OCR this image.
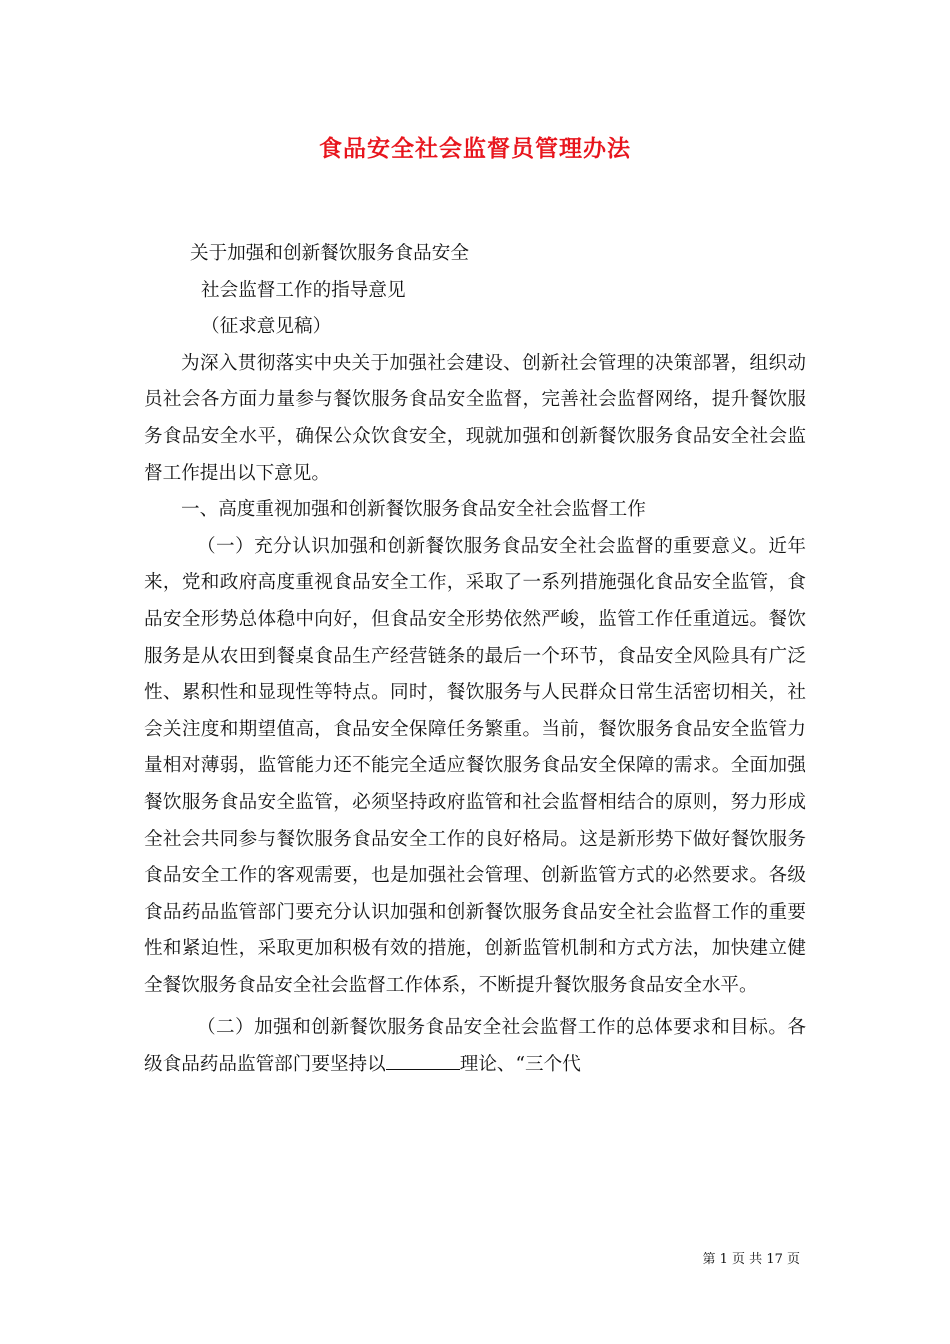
食品安全社会监督员管理办法
关于加强和创新餐饮服务食品安全
社会监督工作的指导意见
（征求意见稿）

为深入贯彻落实中央关于加强社会建设、创新社会管理的决策部署，组织动员社会各方面力量参与餐饮服务食品安全监督，完善社会监督网络，提升餐饮服务食品安全水平，确保公众饮食安全，现就加强和创新餐饮服务食品安全社会监督工作提出以下意见。

一、高度重视加强和创新餐饮服务食品安全社会监督工作

（一）充分认识加强和创新餐饮服务食品安全社会监督的重要意义。近年来，党和政府高度重视食品安全工作，采取了一系列措施强化食品安全监管，食品安全形势总体稳中向好，但食品安全形势依然严峻，监管工作任重道远。餐饮服务是从农田到餐桌食品生产经营链条的最后一个环节，食品安全风险具有广泛性、累积性和显现性等特点。同时，餐饮服务与人民群众日常生活密切相关，社会关注度和期望值高，食品安全保障任务繁重。当前，餐饮服务食品安全监管力量相对薄弱，监管能力还不能完全适应餐饮服务食品安全保障的需求。全面加强餐饮服务食品安全监管，必须坚持政府监管和社会监督相结合的原则，努力形成全社会共同参与餐饮服务食品安全工作的良好格局。这是新形势下做好餐饮服务食品安全工作的客观需要，也是加强社会管理、创新监管方式的必然要求。各级食品药品监管部门要充分认识加强和创新餐饮服务食品安全社会监督工作的重要性和紧迫性，采取更加积极有效的措施，创新监管机制和方式方法，加快建立健全餐饮服务食品安全社会监督工作体系，不断提升餐饮服务食品安全水平。

（二）加强和创新餐饮服务食品安全社会监督工作的总体要求和目标。各级食品药品监管部门要坚持以	理论、“三个代

第 1 页 共 17 页
